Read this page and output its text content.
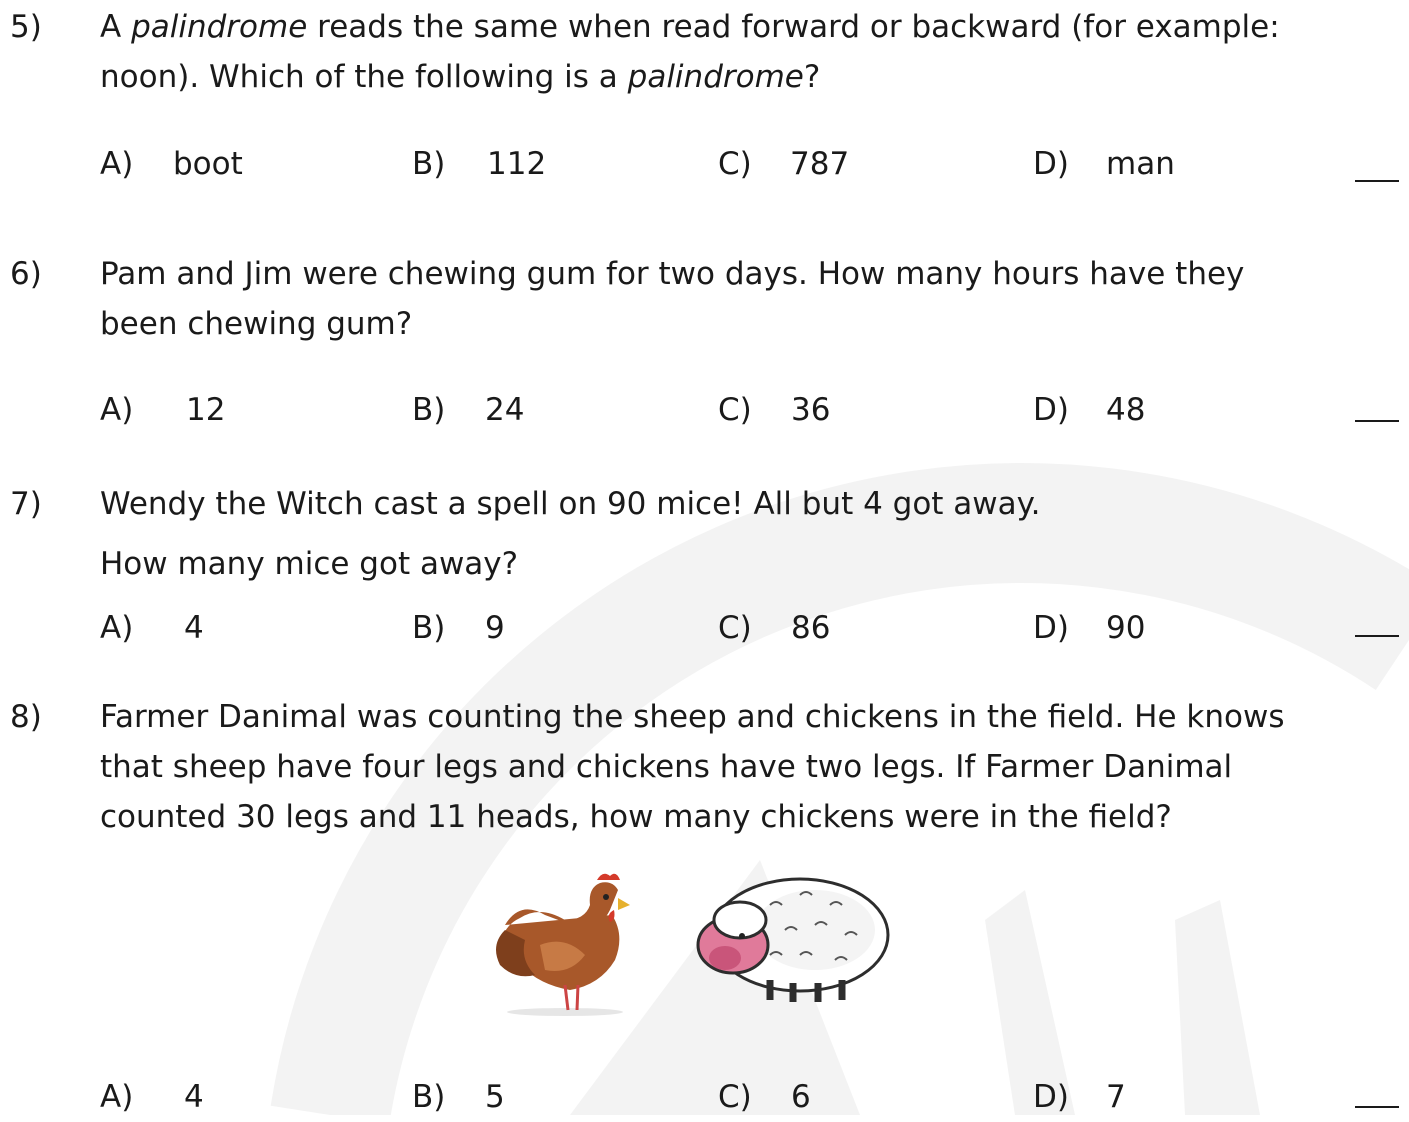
5) A palindrome reads the same when read forward or backward (for example: noon). Which of the following is a palindrome?
A) boot	B) 112	C) 787	D) man
6) Pam and Jim were chewing gum for two days. How many hours have they been chewing gum?
A) 12	B) 24	C) 36	D) 48
7) Wendy the Witch cast a spell on 90 mice! All but 4 got away.
How many mice got away?
A) 4	B) 9	C) 86	D) 90
8) Farmer Danimal was counting the sheep and chickens in the field. He knows that sheep have four legs and chickens have two legs. If Farmer Danimal counted 30 legs and 11 heads, how many chickens were in the field?
A) 4	B) 5	C) 6	D) 7
